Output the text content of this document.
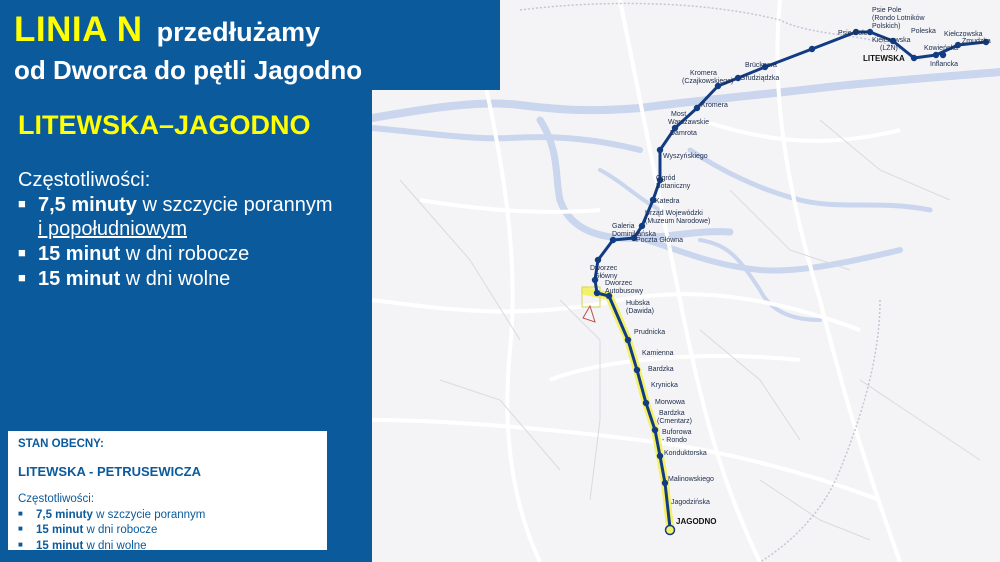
Psie Pole
Psie Pole (Rondo Lotników Polskich)
Kiełczowska (LZN)
Poleska Kiełczowska
Żmudzka
Kowieńska
Inflancka
LITEWSKA
Brücknera
Grudziądzka
Kromera (Czajkowskiego)
Kromera
Most Warszawskie
Damrota
Wyszyńskiego
Ogród Botaniczny
Katedra
Urząd Wojewódzki (Muzeum Narodowe)
Galeria Dominikańska
Poczta Główna
Dworzec Główny
Dworzec Autobusowy
Hubska (Dawida)
Prudnicka
Kamienna
Bardzka
Krynicka
Morwowa
Bardzka (Cmentarz)
Buforowa - Rondo
Konduktorska
Malinowskiego
Jagodzińska
JAGODNO
LINIA N przedłużamy
od Dworca do pętli Jagodno
LITEWSKA–JAGODNO
Częstotliwości:
■ 7,5 minuty w szczycie porannym
i popołudniowym
■ 15 minut w dni robocze
■ 15 minut w dni wolne
STAN OBECNY:
LITEWSKA - PETRUSEWICZA
Częstotliwości:
■ 7,5 minuty w szczycie porannym
■ 15 minut w dni robocze
■ 15 minut w dni wolne
